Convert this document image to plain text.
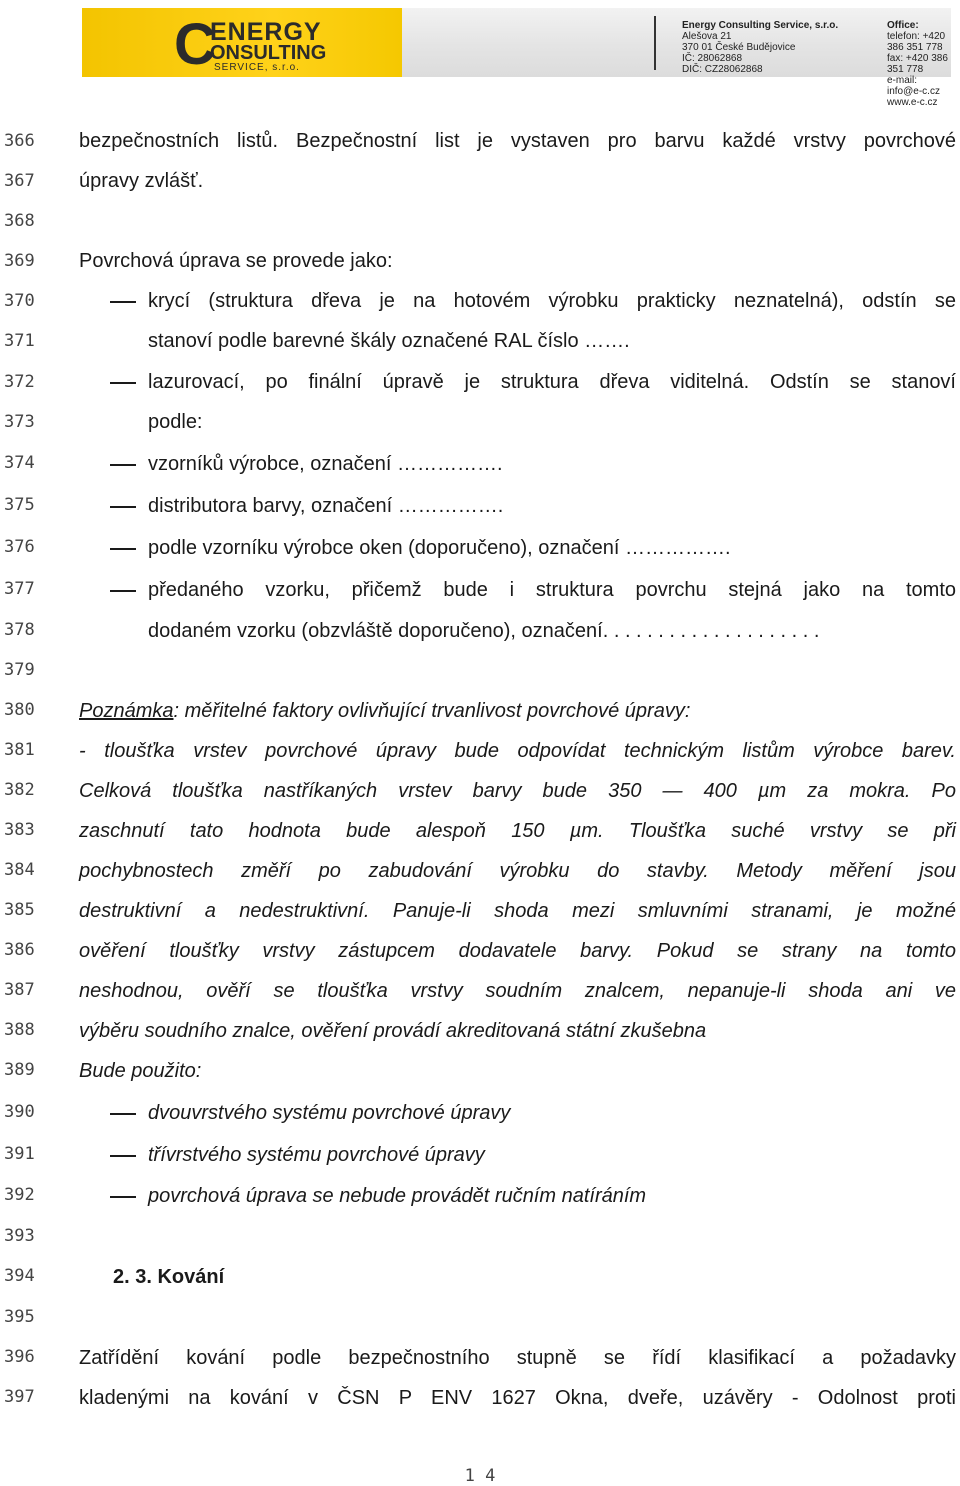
C
ENERGY
ONSULTING
SERVICE, s.r.o.
Energy Consulting Service, s.r.o.
Alešova 21
370 01 České Budějovice
IČ: 28062868
DIČ: CZ28062868
Office:
telefon: +420 386 351 778
fax: +420 386 351 778
e-mail: info@e-c.cz
www.e-c.cz
366
367
368
369
370
371
372
373
374
375
376
377
378
379
380
381
382
383
384
385
386
387
388
389
390
391
392
393
394
395
396
397
bezpečnostních listů. Bezpečnostní list je vystaven pro barvu každé vrstvy povrchové
úpravy zvlášť.
Povrchová úprava se provede jako:
krycí (struktura dřeva je na hotovém výrobku prakticky neznatelná), odstín se
stanoví podle barevné škály označené RAL číslo …….
lazurovací, po finální úpravě je struktura dřeva viditelná. Odstín se stanoví
podle:
vzorníků výrobce, označení …………….
distributora barvy, označení …………….
podle vzorníku výrobce oken (doporučeno), označení …………….
předaného vzorku, přičemž bude i struktura povrchu stejná jako na tomto
dodaném vzorku (obzvláště doporučeno), označení. . . . . . . . . . . . . . . . . . . .
Poznámka: měřitelné faktory ovlivňující trvanlivost povrchové úpravy:
- tloušťka vrstev povrchové úpravy bude odpovídat technickým listům výrobce barev.
Celková tloušťka nastříkaných vrstev barvy bude 350 — 400 µm za mokra. Po
zaschnutí tato hodnota bude alespoň 150 µm. Tloušťka suché vrstvy se při
pochybnostech změří po zabudování výrobku do stavby. Metody měření jsou
destruktivní a nedestruktivní. Panuje-li shoda mezi smluvními stranami, je možné
ověření tloušťky vrstvy zástupcem dodavatele barvy. Pokud se strany na tomto
neshodnou, ověří se tloušťka vrstvy soudním znalcem, nepanuje-li shoda ani ve
výběru soudního znalce, ověření provádí akreditovaná státní zkušebna
Bude použito:
dvouvrstvého systému povrchové úpravy
třívrstvého systému povrchové úpravy
povrchová úprava se nebude provádět ručním natíráním
2. 3. Kování
Zatřídění kování podle bezpečnostního stupně se řídí klasifikací a požadavky
kladenými na kování v ČSN P ENV 1627 Okna, dveře, uzávěry - Odolnost proti
1 4
